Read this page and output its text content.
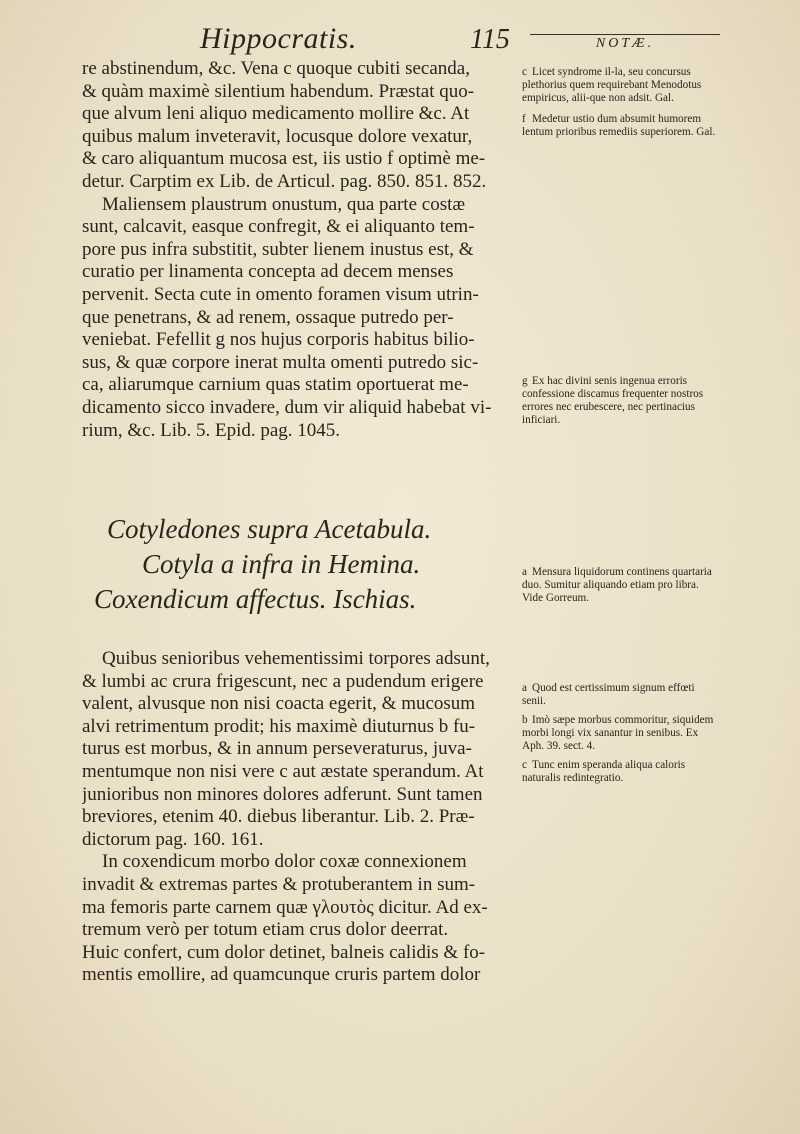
Hippocratis.	115	NOTÆ.
re abstinendum, &c. Vena c quoque cubiti secanda,
& quàm maximè silentium habendum. Præstat quo-
que alvum leni aliquo medicamento mollire &c. At
quibus malum inveteravit, locusque dolore vexatur,
& caro aliquantum mucosa est, iis ustio f optimè me-
detur. Carptim ex Lib. de Articul. pag. 850. 851. 852.
Maliensem plaustrum onustum, qua parte costæ
sunt, calcavit, easque confregit, & ei aliquanto tem-
pore pus infra substitit, subter lienem inustus est, &
curatio per linamenta concepta ad decem menses
pervenit. Secta cute in omento foramen visum utrin-
que penetrans, & ad renem, ossaque putredo per-
veniebat. Fefellit g nos hujus corporis habitus bilio-
sus, & quæ corpore inerat multa omenti putredo sic-
ca, aliarumque carnium quas statim oportuerat me-
dicamento sicco invadere, dum vir aliquid habebat vi-
rium, &c. Lib. 5. Epid. pag. 1045.

c Licet syndrome il-la, seu concursus plethorius quem requirebant Menodotus empiricus, alii-que non adsit. Gal.

f Medetur ustio dum absumit humorem lentum prioribus remediis superiorem. Gal.

g Ex hac divini senis ingenua erroris confessione discamus frequenter nostros errores nec erubescere, nec pertinacius inficiari.

Cotyledones supra Acetabula.
Cotyla a infra in Hemina.
Coxendicum affectus. Ischias.

a Mensura liquidorum continens quartaria duo. Sumitur aliquando etiam pro libra. Vide Gorreum.

Quibus senioribus vehementissimi torpores adsunt,
& lumbi ac crura frigescunt, nec a pudendum erigere
valent, alvusque non nisi coacta egerit, & mucosum
alvi retrimentum prodit; his maximè diuturnus b fu-
turus est morbus, & in annum perseveraturus, juva-
mentumque non nisi vere c aut æstate sperandum. At
junioribus non minores dolores adferunt. Sunt tamen
breviores, etenim 40. diebus liberantur. Lib. 2. Præ-
dictorum pag. 160. 161.
In coxendicum morbo dolor coxæ connexionem
invadit & extremas partes & protuberantem in sum-
ma femoris parte carnem quæ γλουτὸς dicitur. Ad ex-
tremum verò per totum etiam crus dolor deerrat.
Huic confert, cum dolor detinet, balneis calidis & fo-
mentis emollire, ad quamcunque cruris partem dolor

a Quod est certissimum signum effœti senii.

b Imò sæpe morbus commoritur, siquidem morbi longi vix sanantur in senibus. Ex Aph. 39. sect. 4.

c Tunc enim speranda aliqua caloris naturalis redintegratio.
